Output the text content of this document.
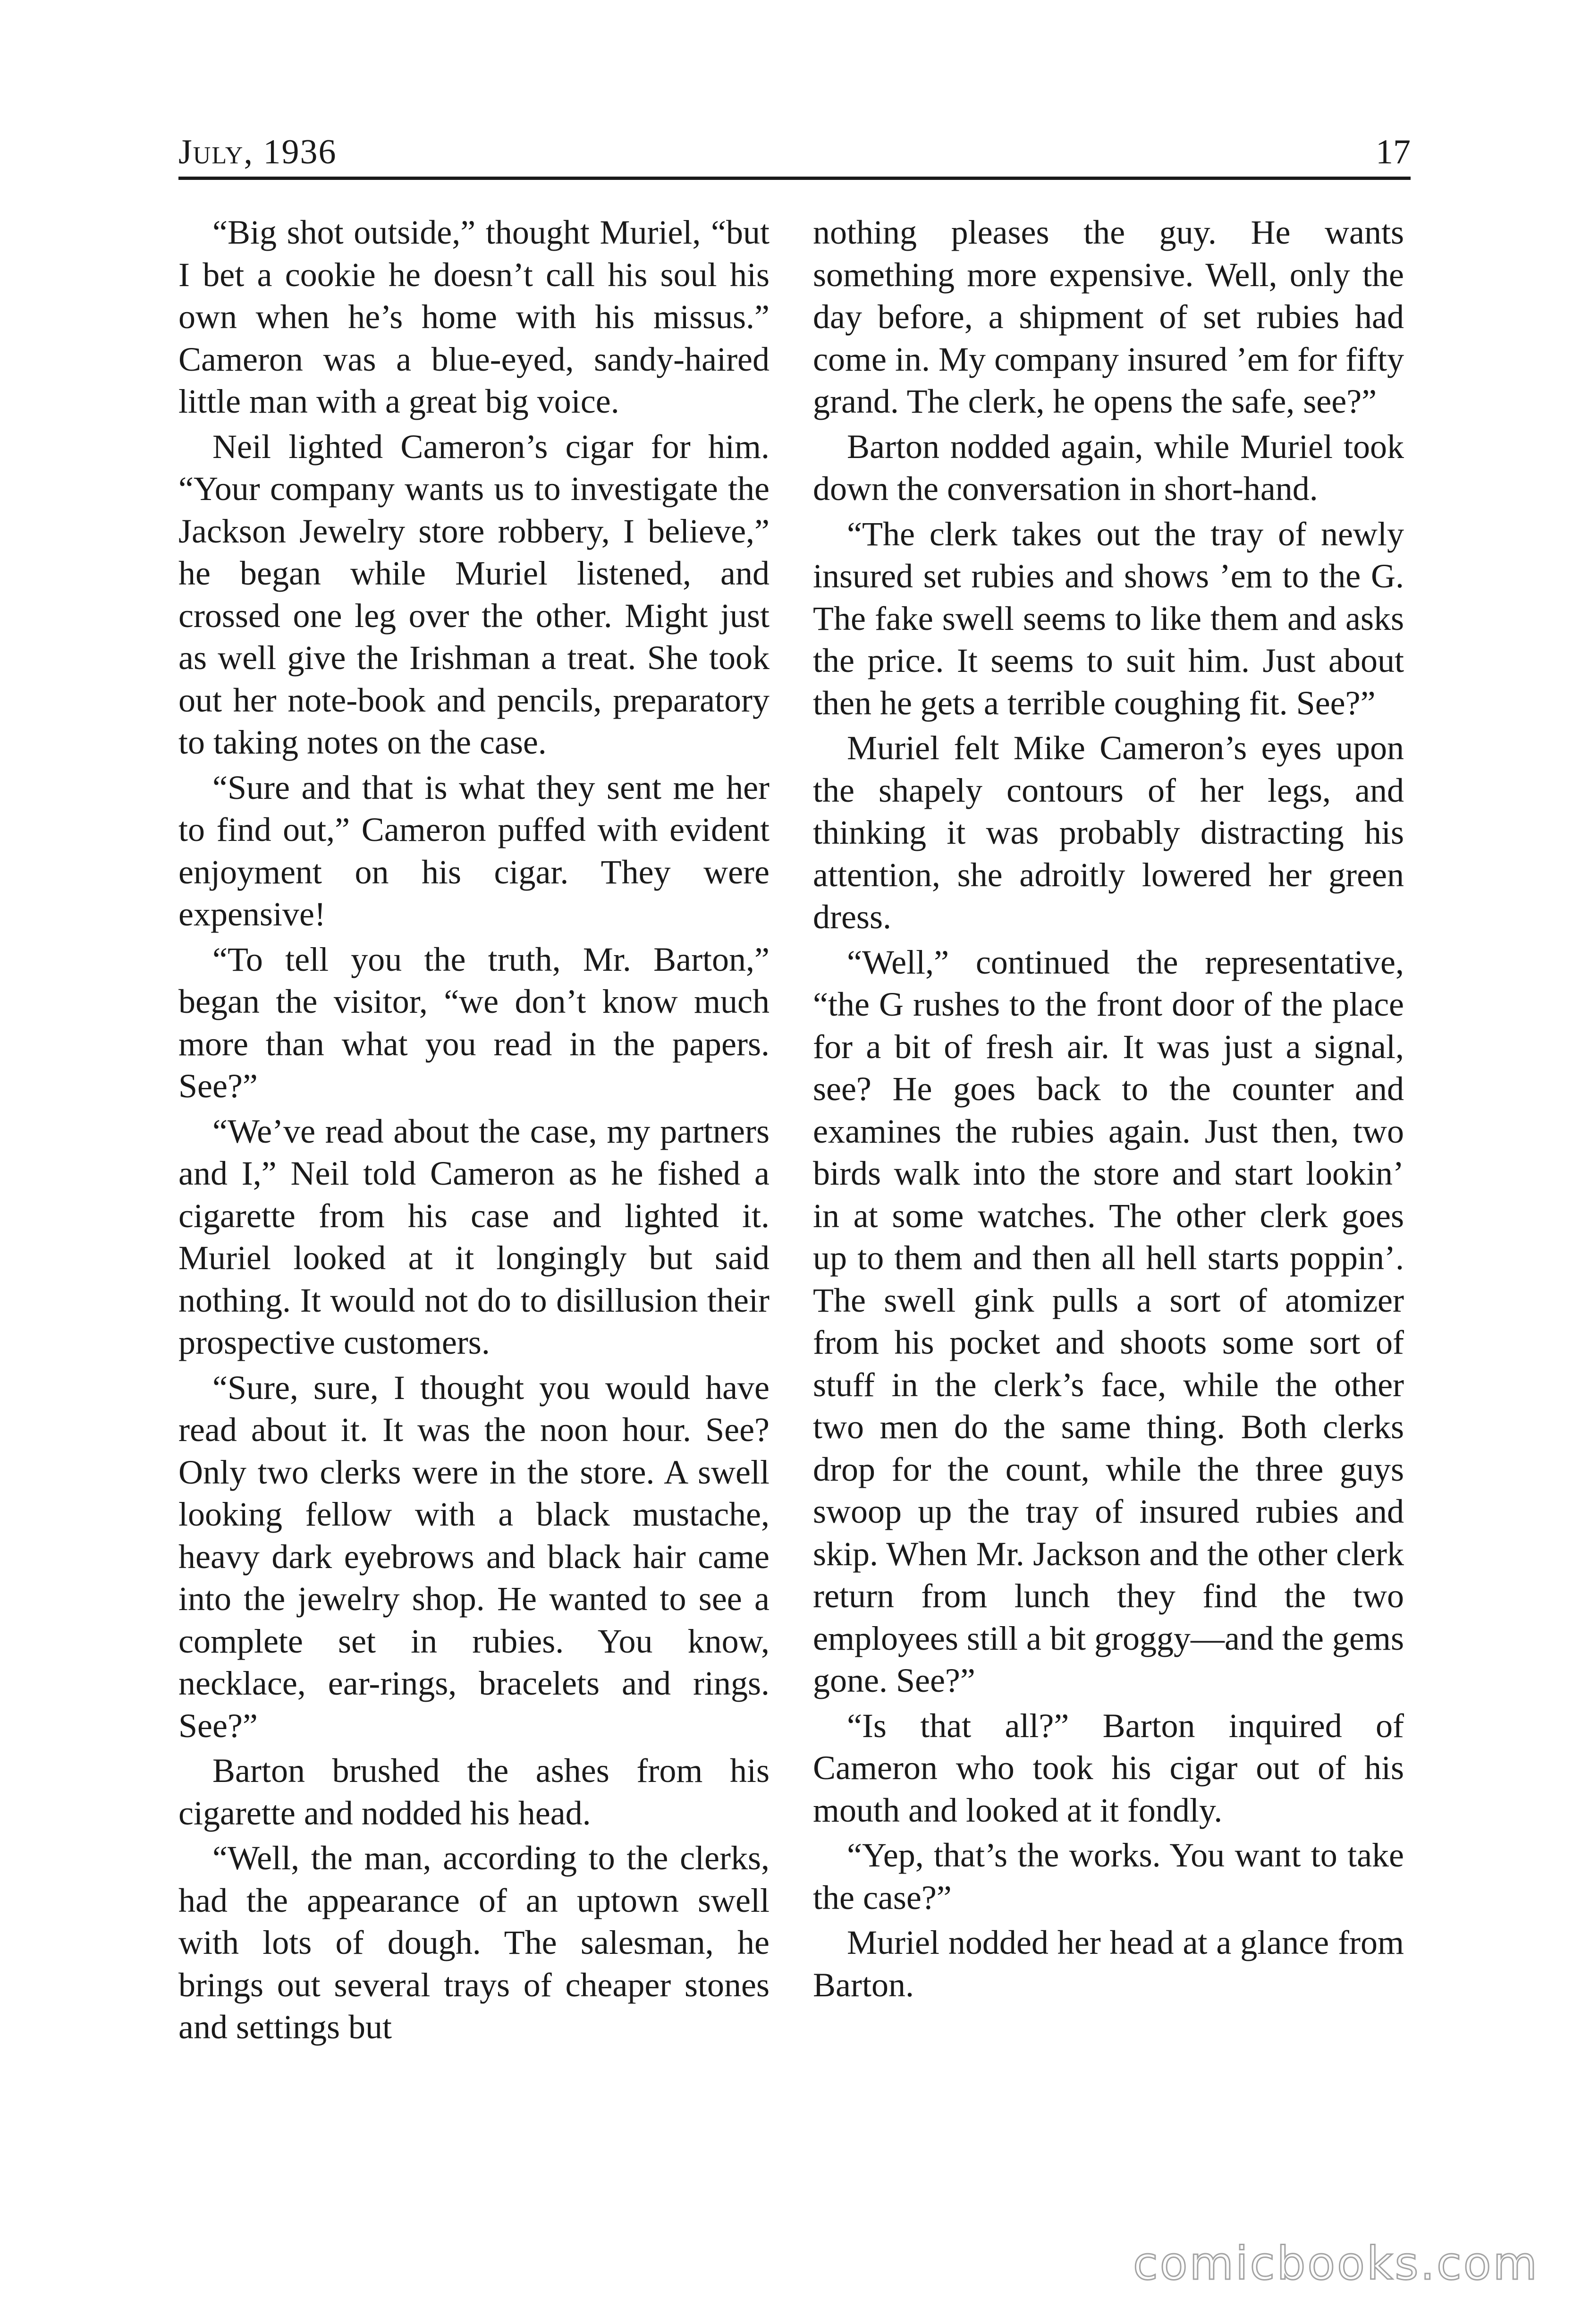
July, 1936	17

“Big shot outside,” thought Muriel, “but I bet a cookie he doesn’t call his soul his own when he’s home with his missus.” Cameron was a blue-eyed, sandy-haired little man with a great big voice.

Neil lighted Cameron’s cigar for him. “Your company wants us to investigate the Jackson Jewelry store robbery, I believe,” he began while Muriel listened, and crossed one leg over the other. Might just as well give the Irishman a treat. She took out her note-book and pencils, preparatory to taking notes on the case.

“Sure and that is what they sent me her to find out,” Cameron puffed with evident enjoyment on his cigar. They were expensive!

“To tell you the truth, Mr. Barton,” began the visitor, “we don’t know much more than what you read in the papers. See?”

“We’ve read about the case, my partners and I,” Neil told Cameron as he fished a cigarette from his case and lighted it. Muriel looked at it longingly but said nothing. It would not do to disillusion their prospective customers.

“Sure, sure, I thought you would have read about it. It was the noon hour. See? Only two clerks were in the store. A swell looking fellow with a black mustache, heavy dark eyebrows and black hair came into the jewelry shop. He wanted to see a complete set in rubies. You know, necklace, ear-rings, bracelets and rings. See?”

Barton brushed the ashes from his cigarette and nodded his head.

“Well, the man, according to the clerks, had the appearance of an uptown swell with lots of dough. The salesman, he brings out several trays of cheaper stones and settings but

nothing pleases the guy. He wants something more expensive. Well, only the day before, a shipment of set rubies had come in. My company insured ’em for fifty grand. The clerk, he opens the safe, see?”

Barton nodded again, while Muriel took down the conversation in short-hand.

“The clerk takes out the tray of newly insured set rubies and shows ’em to the G. The fake swell seems to like them and asks the price. It seems to suit him. Just about then he gets a terrible coughing fit. See?”

Muriel felt Mike Cameron’s eyes upon the shapely contours of her legs, and thinking it was probably distracting his attention, she adroitly lowered her green dress.

“Well,” continued the representative, “the G rushes to the front door of the place for a bit of fresh air. It was just a signal, see? He goes back to the counter and examines the rubies again. Just then, two birds walk into the store and start lookin’ in at some watches. The other clerk goes up to them and then all hell starts poppin’. The swell gink pulls a sort of atomizer from his pocket and shoots some sort of stuff in the clerk’s face, while the other two men do the same thing. Both clerks drop for the count, while the three guys swoop up the tray of insured rubies and skip. When Mr. Jackson and the other clerk return from lunch they find the two employees still a bit groggy—and the gems gone. See?”

“Is that all?” Barton inquired of Cameron who took his cigar out of his mouth and looked at it fondly.

“Yep, that’s the works. You want to take the case?”

Muriel nodded her head at a glance from Barton.

comicbooks.com
